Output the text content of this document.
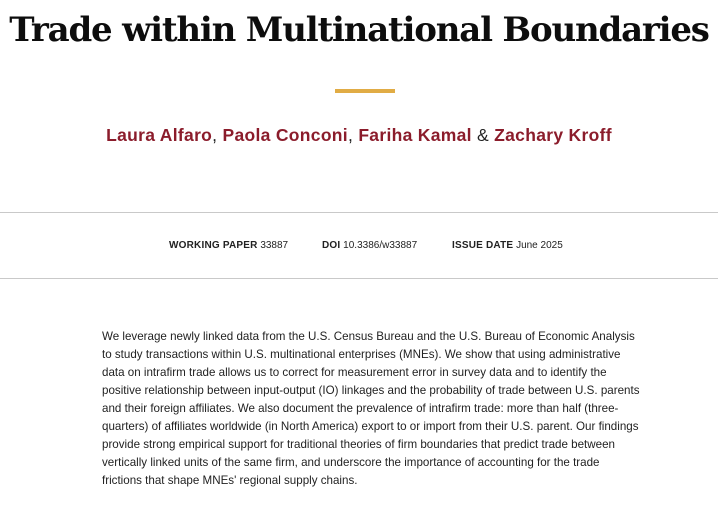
Trade within Multinational Boundaries
Laura Alfaro, Paola Conconi, Fariha Kamal & Zachary Kroff
WORKING PAPER 33887	DOI 10.3386/w33887	ISSUE DATE June 2025

We leverage newly linked data from the U.S. Census Bureau and the U.S. Bureau of Economic Analysis to study transactions within U.S. multinational enterprises (MNEs). We show that using administrative data on intrafirm trade allows us to correct for measurement error in survey data and to identify the positive relationship between input-output (IO) linkages and the probability of trade between U.S. parents and their foreign affiliates. We also document the prevalence of intrafirm trade: more than half (three-quarters) of affiliates worldwide (in North America) export to or import from their U.S. parent. Our findings provide strong empirical support for traditional theories of firm boundaries that predict trade between vertically linked units of the same firm, and underscore the importance of accounting for the trade frictions that shape MNEs' regional supply chains.
